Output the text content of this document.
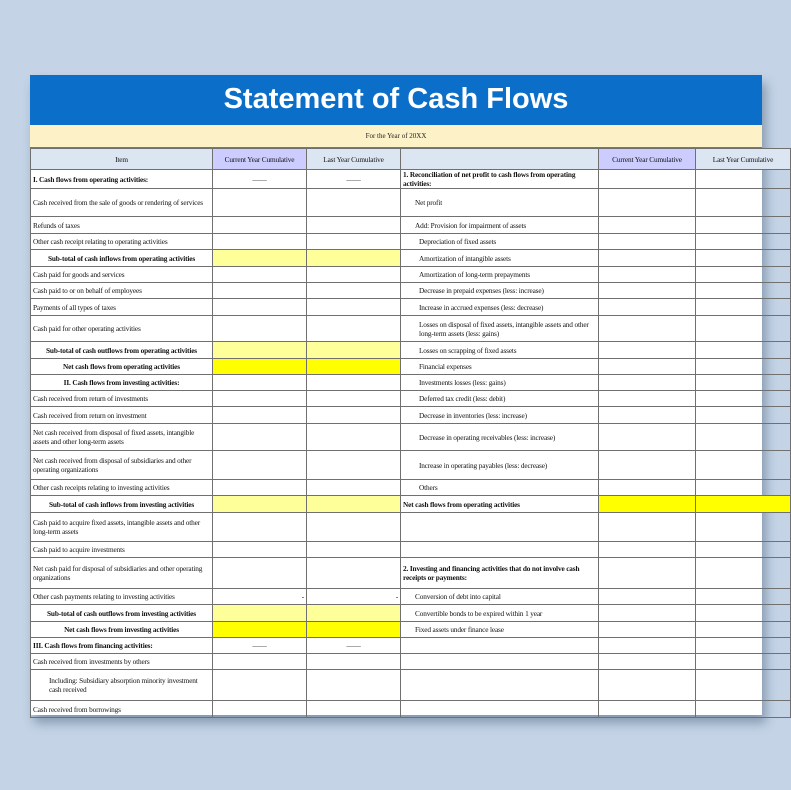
Statement of Cash Flows
For the Year of 20XX
Item	Current Year Cumulative	Last Year Cumulative		Current Year Cumulative	Last Year Cumulative
I. Cash flows from operating activities:	——	——	1. Reconciliation of net profit to cash flows from operating activities:		
Cash received from the sale of goods or rendering of services			Net profit		
Refunds of taxes			Add: Provision for impairment of assets		
Other cash receipt relating to operating activities			Depreciation of fixed assets		
Sub-total of cash inflows from operating activities			Amortization of intangible assets		
Cash paid for goods and services			Amortization of long-term prepayments		
Cash paid to or on behalf of employees			Decrease in prepaid expenses (less: increase)		
Payments of all types of taxes			Increase in accrued expenses (less: decrease)		
Cash paid for other operating activities			Losses on disposal of fixed assets, intangible assets and other long-term assets (less: gains)		
Sub-total of cash outflows from operating activities			Losses on scrapping of fixed assets		
Net cash flows from operating activities			Financial expenses		
II. Cash flows from investing activities:			Investments losses (less: gains)		
Cash received from return of investments			Deferred tax credit (less: debit)		
Cash received from return on investment			Decrease in inventories (less: increase)		
Net cash received from disposal of fixed assets, intangible assets and other long-term assets			Decrease in operating receivables (less: increase)		
Net cash received from disposal of subsidiaries and other operating organizations			Increase in operating payables (less: decrease)		
Other cash receipts relating to investing activities			Others		
Sub-total of cash inflows from investing activities			Net cash flows from operating activities		
Cash paid to acquire fixed assets, intangible assets and other long-term assets					
Cash paid to acquire investments					
Net cash paid for disposal of subsidiaries and other operating organizations			2. Investing and financing activities that do not involve cash receipts or payments:		
Other cash payments relating to investing activities	-	-	Conversion of debt into capital		
Sub-total of cash outflows from investing activities			Convertible bonds to be expired within 1 year		
Net cash flows from investing activities			Fixed assets under finance lease		
III. Cash flows from financing activities:	——	——			
Cash received from investments by others					
Including: Subsidiary absorption minority investment cash received					
Cash received from borrowings					
